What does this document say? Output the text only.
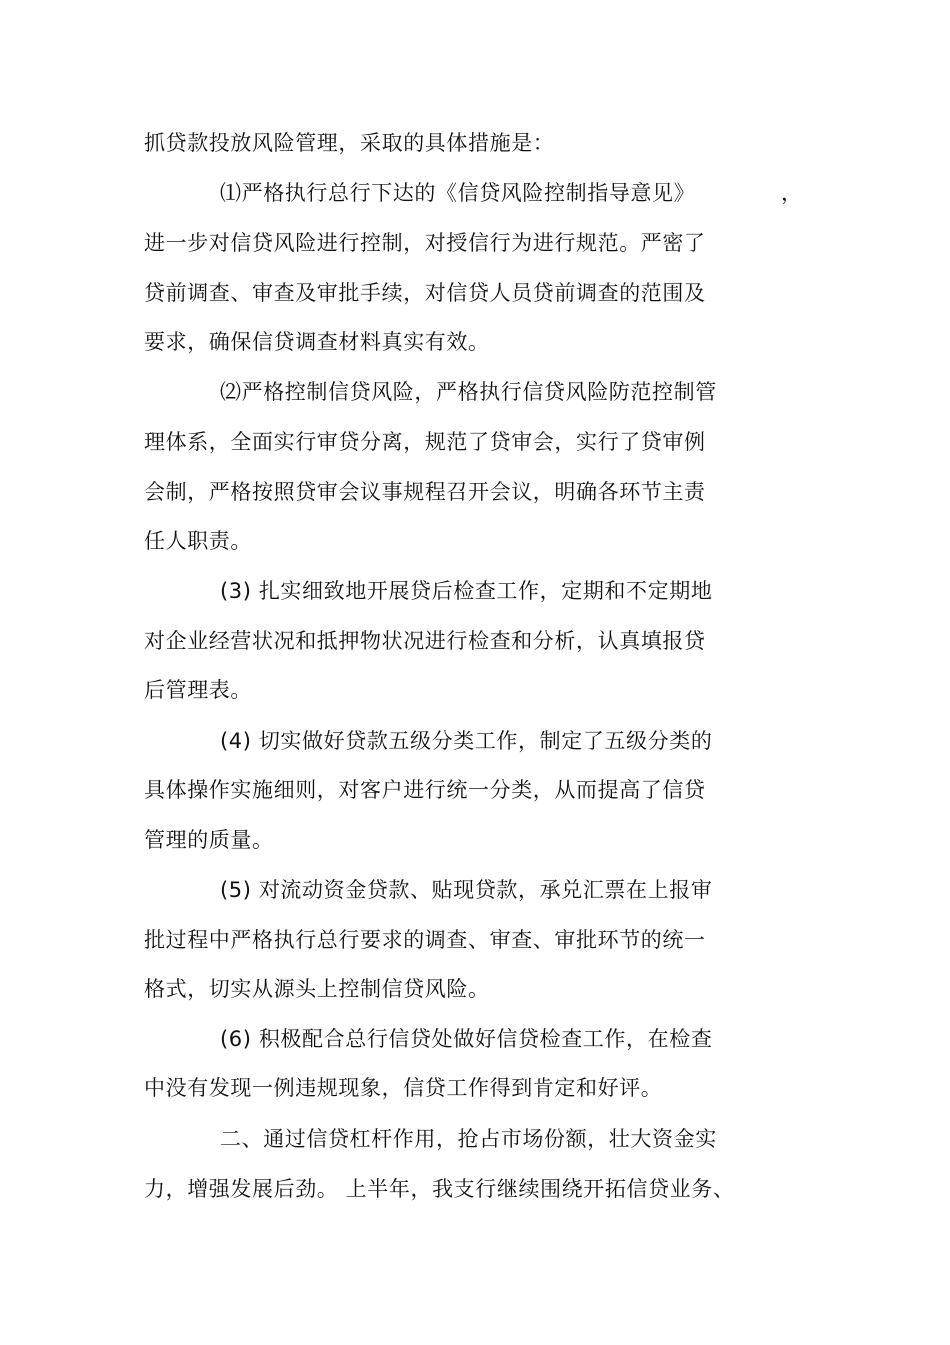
抓贷款投放风险管理，采取的具体措施是：
⑴严格执行总行下达的《信贷风险控制指导意见》	，
进一步对信贷风险进行控制，对授信行为进行规范。严密了
贷前调查、审查及审批手续，对信贷人员贷前调查的范围及
要求，确保信贷调查材料真实有效。
⑵严格控制信贷风险，严格执行信贷风险防范控制管
理体系，全面实行审贷分离，规范了贷审会，实行了贷审例
会制，严格按照贷审会议事规程召开会议，明确各环节主责
任人职责。
(3) 扎实细致地开展贷后检查工作，定期和不定期地
对企业经营状况和抵押物状况进行检查和分析，认真填报贷
后管理表。
(4) 切实做好贷款五级分类工作，制定了五级分类的
具体操作实施细则，对客户进行统一分类，从而提高了信贷
管理的质量。
(5) 对流动资金贷款、贴现贷款，承兑汇票在上报审
批过程中严格执行总行要求的调查、审查、审批环节的统一
格式，切实从源头上控制信贷风险。
(6) 积极配合总行信贷处做好信贷检查工作，在检查
中没有发现一例违规现象，信贷工作得到肯定和好评。
二、通过信贷杠杆作用，抢占市场份额，壮大资金实
力，增强发展后劲。 上半年，我支行继续围绕开拓信贷业务、
